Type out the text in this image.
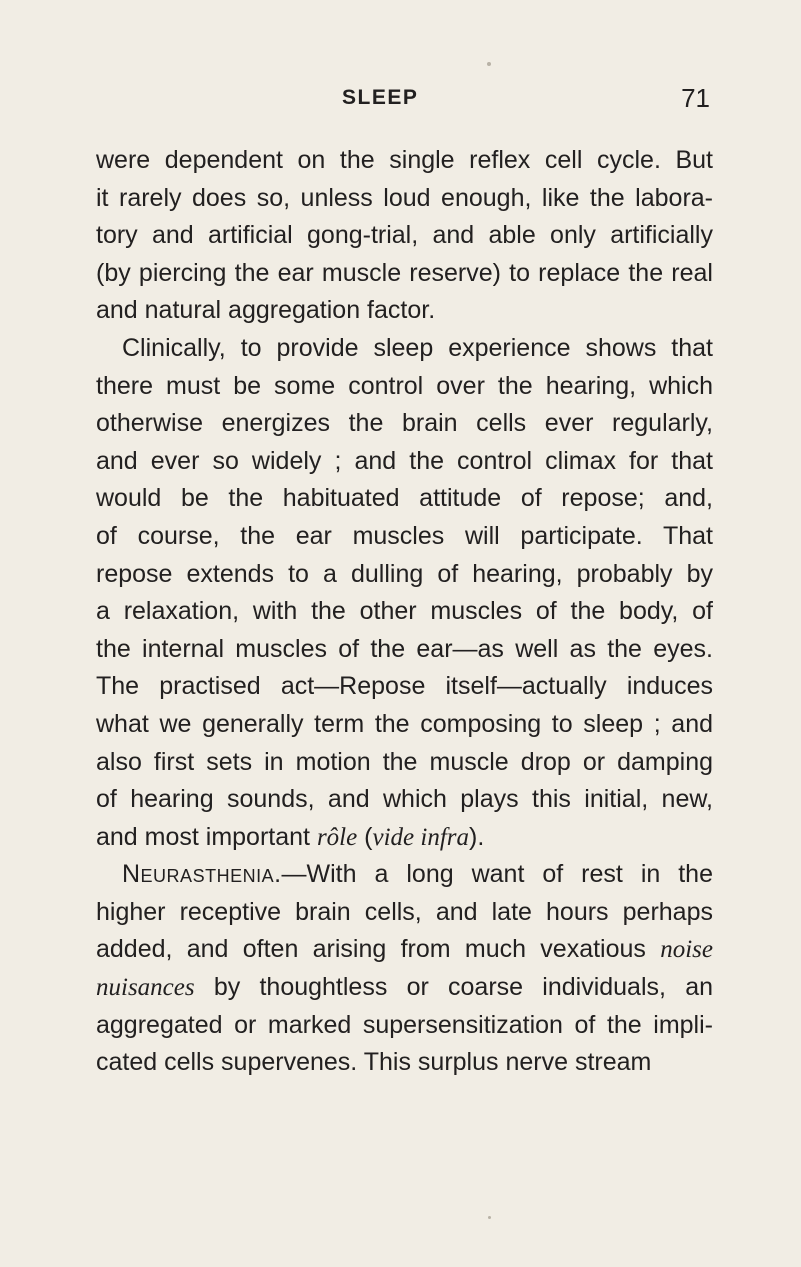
SLEEP	71
were dependent on the single reflex cell cycle. But
it rarely does so, unless loud enough, like the labora-
tory and artificial gong-trial, and able only artificially
(by piercing the ear muscle reserve) to replace the real
and natural aggregation factor.
Clinically, to provide sleep experience shows that
there must be some control over the hearing, which
otherwise energizes the brain cells ever regularly,
and ever so widely ; and the control climax for that
would be the habituated attitude of repose; and,
of course, the ear muscles will participate. That
repose extends to a dulling of hearing, probably by
a relaxation, with the other muscles of the body, of
the internal muscles of the ear—as well as the eyes.
The practised act—Repose itself—actually induces
what we generally term the composing to sleep ; and
also first sets in motion the muscle drop or damping
of hearing sounds, and which plays this initial, new,
and most important rôle (vide infra).
Neurasthenia.—With a long want of rest in the
higher receptive brain cells, and late hours perhaps
added, and often arising from much vexatious noise
nuisances by thoughtless or coarse individuals, an
aggregated or marked supersensitization of the impli-
cated cells supervenes. This surplus nerve stream
